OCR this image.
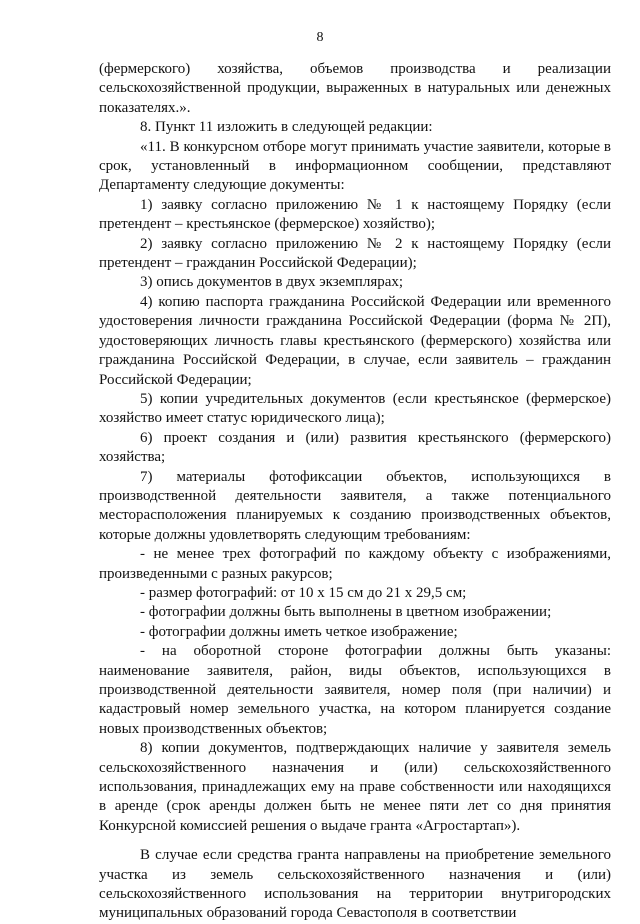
8

(фермерского) хозяйства, объемов производства и реализации сельскохозяйственной продукции, выраженных в натуральных или денежных показателях.».

8. Пункт 11 изложить в следующей редакции:

«11. В конкурсном отборе могут принимать участие заявители, которые в срок, установленный в информационном сообщении, представляют Департаменту следующие документы:

1) заявку согласно приложению № 1 к настоящему Порядку (если претендент – крестьянское (фермерское) хозяйство);

2) заявку согласно приложению № 2 к настоящему Порядку (если претендент – гражданин Российской Федерации);

3) опись документов в двух экземплярах;

4) копию паспорта гражданина Российской Федерации или временного удостоверения личности гражданина Российской Федерации (форма № 2П), удостоверяющих личность главы крестьянского (фермерского) хозяйства или гражданина Российской Федерации, в случае, если заявитель – гражданин Российской Федерации;

5) копии учредительных документов (если крестьянское (фермерское) хозяйство имеет статус юридического лица);

6) проект создания и (или) развития крестьянского (фермерского) хозяйства;

7) материалы фотофиксации объектов, использующихся в производственной деятельности заявителя, а также потенциального месторасположения планируемых к созданию производственных объектов, которые должны удовлетворять следующим требованиям:

- не менее трех фотографий по каждому объекту с изображениями, произведенными с разных ракурсов;

- размер фотографий: от 10 х 15 см до 21 х 29,5 см;

- фотографии должны быть выполнены в цветном изображении;

- фотографии должны иметь четкое изображение;

- на оборотной стороне фотографии должны быть указаны: наименование заявителя, район, виды объектов, использующихся в производственной деятельности заявителя, номер поля (при наличии) и кадастровый номер земельного участка, на котором планируется создание новых производственных объектов;

8) копии документов, подтверждающих наличие у заявителя земель сельскохозяйственного назначения и (или) сельскохозяйственного использования, принадлежащих ему на праве собственности или находящихся в аренде (срок аренды должен быть не менее пяти лет со дня принятия Конкурсной комиссией решения о выдаче гранта «Агростартап»).

В случае если средства гранта направлены на приобретение земельного участка из земель сельскохозяйственного назначения и (или) сельскохозяйственного использования на территории внутригородских муниципальных образований города Севастополя в соответствии
